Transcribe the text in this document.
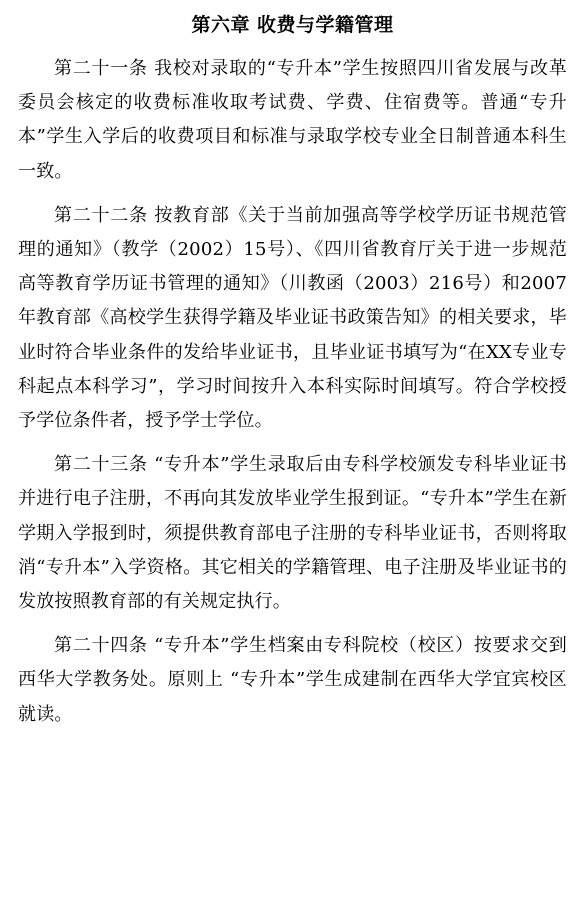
第六章 收费与学籍管理

第二十一条 我校对录取的“专升本”学生按照四川省发展与改革委员会核定的收费标准收取考试费、学费、住宿费等。普通“专升本”学生入学后的收费项目和标准与录取学校专业全日制普通本科生一致。

第二十二条 按教育部《关于当前加强高等学校学历证书规范管理的通知》（教学（2002）15号）、《四川省教育厅关于进一步规范高等教育学历证书管理的通知》（川教函（2003）216号）和2007年教育部《高校学生获得学籍及毕业证书政策告知》的相关要求，毕业时符合毕业条件的发给毕业证书，且毕业证书填写为“在XX专业专科起点本科学习”，学习时间按升入本科实际时间填写。符合学校授予学位条件者，授予学士学位。

第二十三条 “专升本”学生录取后由专科学校颁发专科毕业证书并进行电子注册，不再向其发放毕业学生报到证。“专升本”学生在新学期入学报到时，须提供教育部电子注册的专科毕业证书，否则将取消“专升本”入学资格。其它相关的学籍管理、电子注册及毕业证书的发放按照教育部的有关规定执行。

第二十四条 “专升本”学生档案由专科院校（校区）按要求交到西华大学教务处。原则上 “专升本”学生成建制在西华大学宜宾校区就读。
